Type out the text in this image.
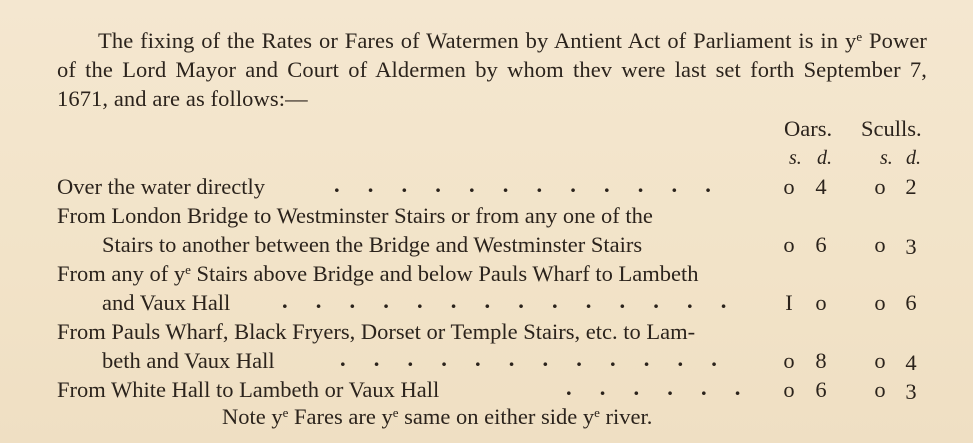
The fixing of the Rates or Fares of Watermen by Antient Act of Parliament is in $y^e$ Power of the Lord Mayor and Court of Aldermen by whom thev were last set forth September 7, 1671, and are as follows:—
Oars. Sculls.
s. d. s. d.
Over the water directly	.     .     .     .     .     .     .     .     .     .     .     .	o 4 o 2
From London Bridge to Westminster Stairs or from any one of the
Stairs to another between the Bridge and Westminster Stairs	o 6 o 3
From any of $y^e$ Stairs above Bridge and below Pauls Wharf to Lambeth
and Vaux Hall .     .     .     .     .     .     .     .     .     .     .     .     .     .	I	o o 6
From Pauls Wharf, Black Fryers, Dorset or Temple Stairs, etc. to Lam-
beth and Vaux Hall	.     .     .     .     .     .     .     .     .     .     .     .	o 8 o 4
From White Hall to Lambeth or Vaux Hall	.     .     .     .     .     . o 6 o 3
Note $y^e$ Fares are $y^e$ same on either side $y^e$ river.
